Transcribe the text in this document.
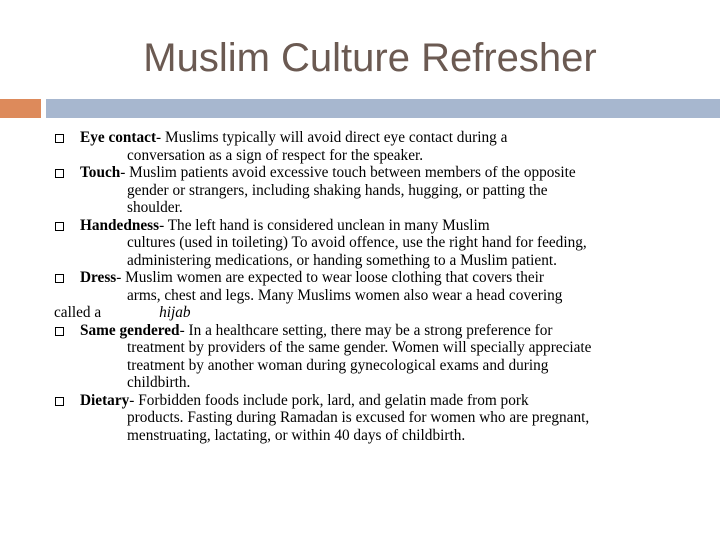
Muslim Culture Refresher
Eye contact- Muslims typically will avoid direct eye contact during a
conversation as a sign of respect for the speaker.
Touch- Muslim patients avoid excessive touch between members of the opposite
gender or strangers, including shaking hands, hugging, or patting the
shoulder.
Handedness- The left hand is considered unclean in many Muslim
cultures (used in toileting) To avoid offence, use the right hand for feeding,
administering medications, or handing something to a Muslim patient.
Dress- Muslim women are expected to wear loose clothing that covers their
arms, chest and legs. Many Muslims women also wear a head covering
called a	hijab
Same gendered- In a healthcare setting, there may be a strong preference for
treatment by providers of the same gender. Women will specially appreciate
treatment by another woman during gynecological exams and during
childbirth.
Dietary- Forbidden foods include pork, lard, and gelatin made from pork
products. Fasting during Ramadan is excused for women who are pregnant,
menstruating, lactating, or within 40 days of childbirth.
